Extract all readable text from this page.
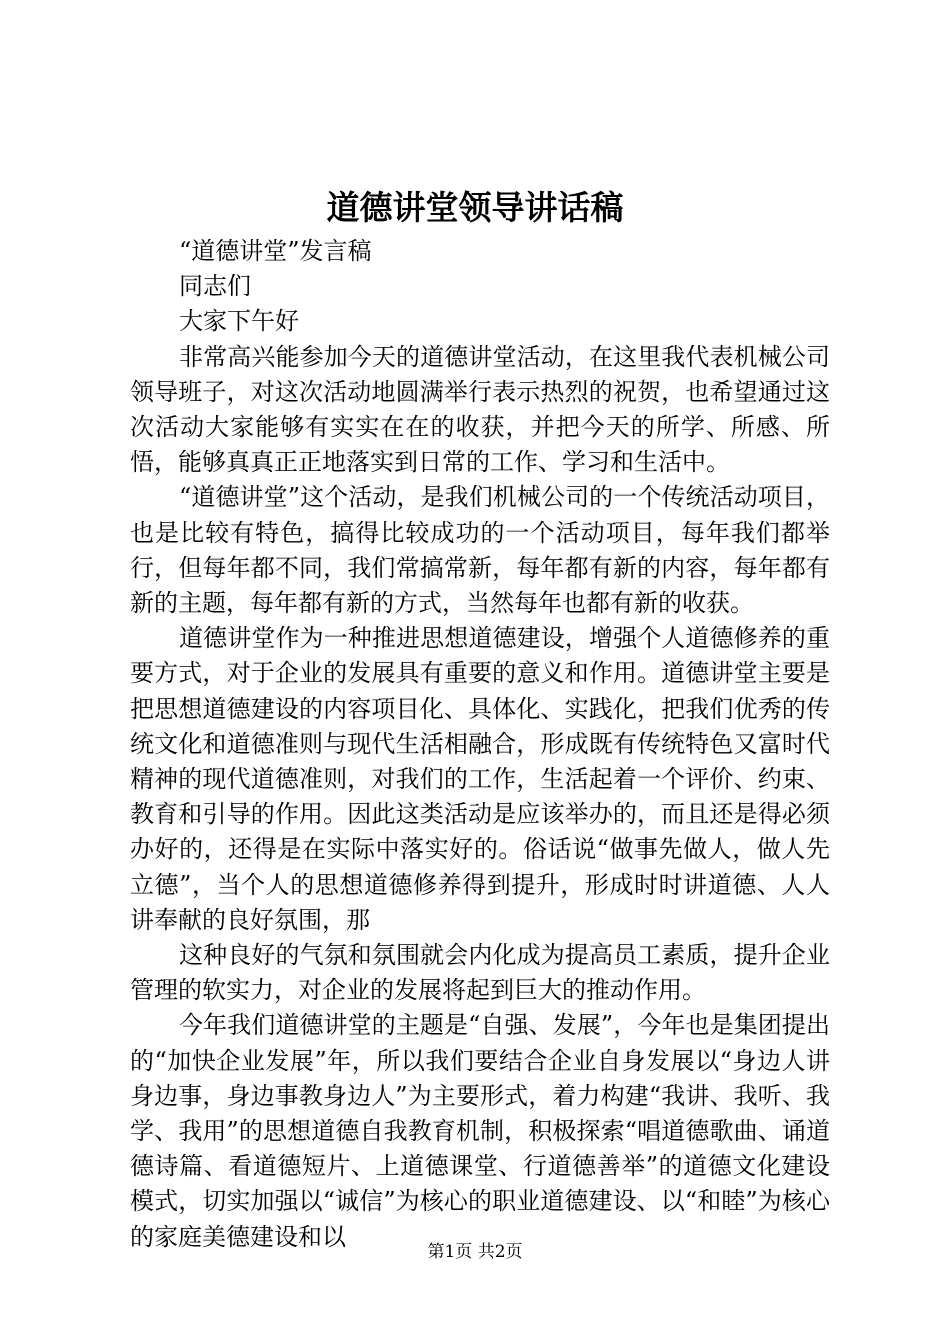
道德讲堂领导讲话稿

“道德讲堂”发言稿

同志们

大家下午好

非常高兴能参加今天的道德讲堂活动，在这里我代表机械公司领导班子，对这次活动地圆满举行表示热烈的祝贺，也希望通过这次活动大家能够有实实在在的收获，并把今天的所学、所感、所悟，能够真真正正地落实到日常的工作、学习和生活中。

“道德讲堂”这个活动，是我们机械公司的一个传统活动项目，也是比较有特色，搞得比较成功的一个活动项目，每年我们都举行，但每年都不同，我们常搞常新，每年都有新的内容，每年都有新的主题，每年都有新的方式，当然每年也都有新的收获。

道德讲堂作为一种推进思想道德建设，增强个人道德修养的重要方式，对于企业的发展具有重要的意义和作用。道德讲堂主要是把思想道德建设的内容项目化、具体化、实践化，把我们优秀的传统文化和道德准则与现代生活相融合，形成既有传统特色又富时代精神的现代道德准则，对我们的工作，生活起着一个评价、约束、教育和引导的作用。因此这类活动是应该举办的，而且还是得必须办好的，还得是在实际中落实好的。俗话说“做事先做人，做人先立德”，当个人的思想道德修养得到提升，形成时时讲道德、人人讲奉献的良好氛围，那

这种良好的气氛和氛围就会内化成为提高员工素质，提升企业管理的软实力，对企业的发展将起到巨大的推动作用。

今年我们道德讲堂的主题是“自强、发展”，今年也是集团提出的“加快企业发展”年，所以我们要结合企业自身发展以“身边人讲身边事，身边事教身边人”为主要形式，着力构建“我讲、我听、我学、我用”的思想道德自我教育机制，积极探索“唱道德歌曲、诵道德诗篇、看道德短片、上道德课堂、行道德善举”的道德文化建设模式，切实加强以“诚信”为核心的职业道德建设、以“和睦”为核心的家庭美德建设和以

第1页 共2页
